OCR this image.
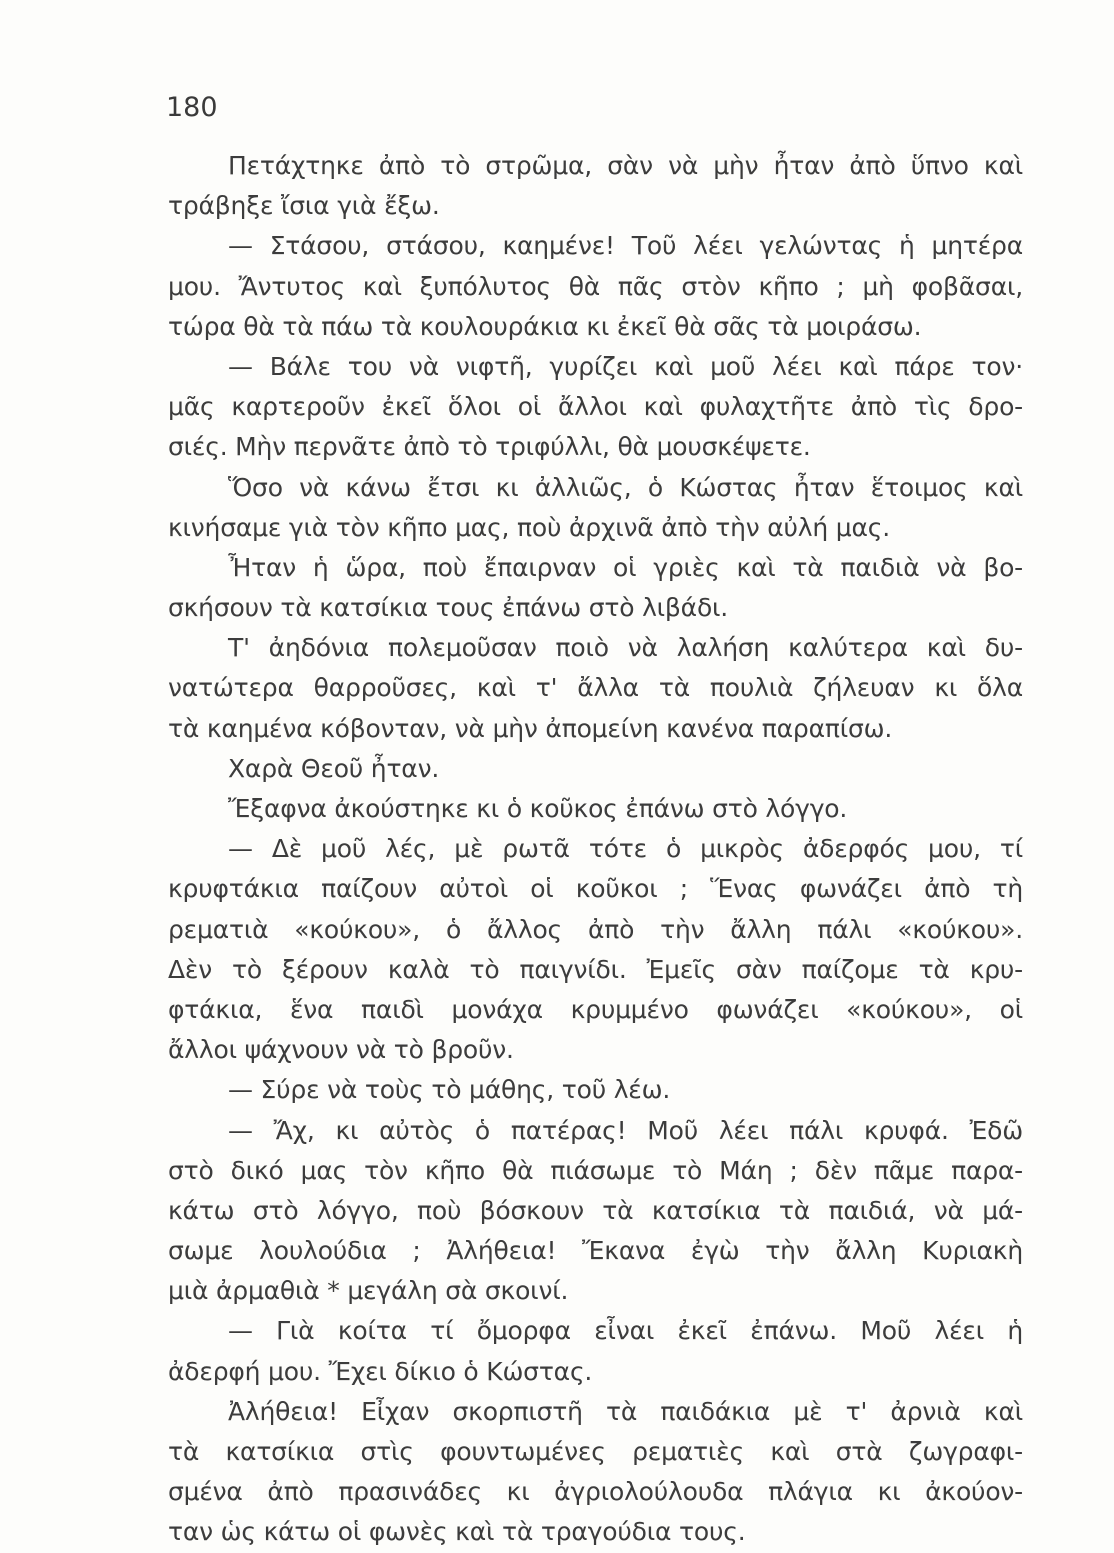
180
Πετάχτηκε ἀπὸ τὸ στρῶμα, σὰν νὰ μὴν ἦταν ἀπὸ ὕπνο καὶ
τράβηξε ἴσια γιὰ ἔξω.
— Στάσου, στάσου, καημένε! Τοῦ λέει γελώντας ἡ μητέρα
μου. Ἄντυτος καὶ ξυπόλυτος θὰ πᾶς στὸν κῆπο ; μὴ φοβᾶσαι,
τώρα θὰ τὰ πάω τὰ κουλουράκια κι ἐκεῖ θὰ σᾶς τὰ μοιράσω.
— Βάλε του νὰ νιφτῆ, γυρίζει καὶ μοῦ λέει καὶ πάρε τον·
μᾶς καρτεροῦν ἐκεῖ ὅλοι οἱ ἄλλοι καὶ φυλαχτῆτε ἀπὸ τὶς δρο-
σιές. Μὴν περνᾶτε ἀπὸ τὸ τριφύλλι, θὰ μουσκέψετε.
Ὅσο νὰ κάνω ἔτσι κι ἀλλιῶς, ὁ Κώστας ἦταν ἕτοιμος καὶ
κινήσαμε γιὰ τὸν κῆπο μας, ποὺ ἀρχινᾶ ἀπὸ τὴν αὐλή μας.
Ἦταν ἡ ὥρα, ποὺ ἔπαιρναν οἱ γριὲς καὶ τὰ παιδιὰ νὰ βο-
σκήσουν τὰ κατσίκια τους ἐπάνω στὸ λιβάδι.
Τ' ἀηδόνια πολεμοῦσαν ποιὸ νὰ λαλήση καλύτερα καὶ δυ-
νατώτερα θαρροῦσες, καὶ τ' ἄλλα τὰ πουλιὰ ζήλευαν κι ὅλα
τὰ καημένα κόβονταν, νὰ μὴν ἀπομείνη κανένα παραπίσω.
Χαρὰ Θεοῦ ἦταν.
Ἔξαφνα ἀκούστηκε κι ὁ κοῦκος ἐπάνω στὸ λόγγο.
— Δὲ μοῦ λές, μὲ ρωτᾶ τότε ὁ μικρὸς ἀδερφός μου, τί
κρυφτάκια παίζουν αὐτοὶ οἱ κοῦκοι ; Ἕνας φωνάζει ἀπὸ τὴ
ρεματιὰ «κούκου», ὁ ἄλλος ἀπὸ τὴν ἄλλη πάλι «κούκου».
Δὲν τὸ ξέρουν καλὰ τὸ παιγνίδι. Ἐμεῖς σὰν παίζομε τὰ κρυ-
φτάκια, ἕνα παιδὶ μονάχα κρυμμένο φωνάζει «κούκου», οἱ
ἄλλοι ψάχνουν νὰ τὸ βροῦν.
— Σύρε νὰ τοὺς τὸ μάθης, τοῦ λέω.
— Ἄχ, κι αὐτὸς ὁ πατέρας! Μοῦ λέει πάλι κρυφά. Ἐδῶ
στὸ δικό μας τὸν κῆπο θὰ πιάσωμε τὸ Μάη ; δὲν πᾶμε παρα-
κάτω στὸ λόγγο, ποὺ βόσκουν τὰ κατσίκια τὰ παιδιά, νὰ μά-
σωμε λουλούδια ; Ἀλήθεια! Ἔκανα ἐγὼ τὴν ἄλλη Κυριακὴ
μιὰ ἀρμαθιὰ * μεγάλη σὰ σκοινί.
— Γιὰ κοίτα τί ὄμορφα εἶναι ἐκεῖ ἐπάνω. Μοῦ λέει ἡ
ἀδερφή μου. Ἔχει δίκιο ὁ Κώστας.
Ἀλήθεια! Εἶχαν σκορπιστῆ τὰ παιδάκια μὲ τ' ἀρνιὰ καὶ
τὰ κατσίκια στὶς φουντωμένες ρεματιὲς καὶ στὰ ζωγραφι-
σμένα ἀπὸ πρασινάδες κι ἀγριολούλουδα πλάγια κι ἀκούον-
ταν ὡς κάτω οἱ φωνὲς καὶ τὰ τραγούδια τους.
